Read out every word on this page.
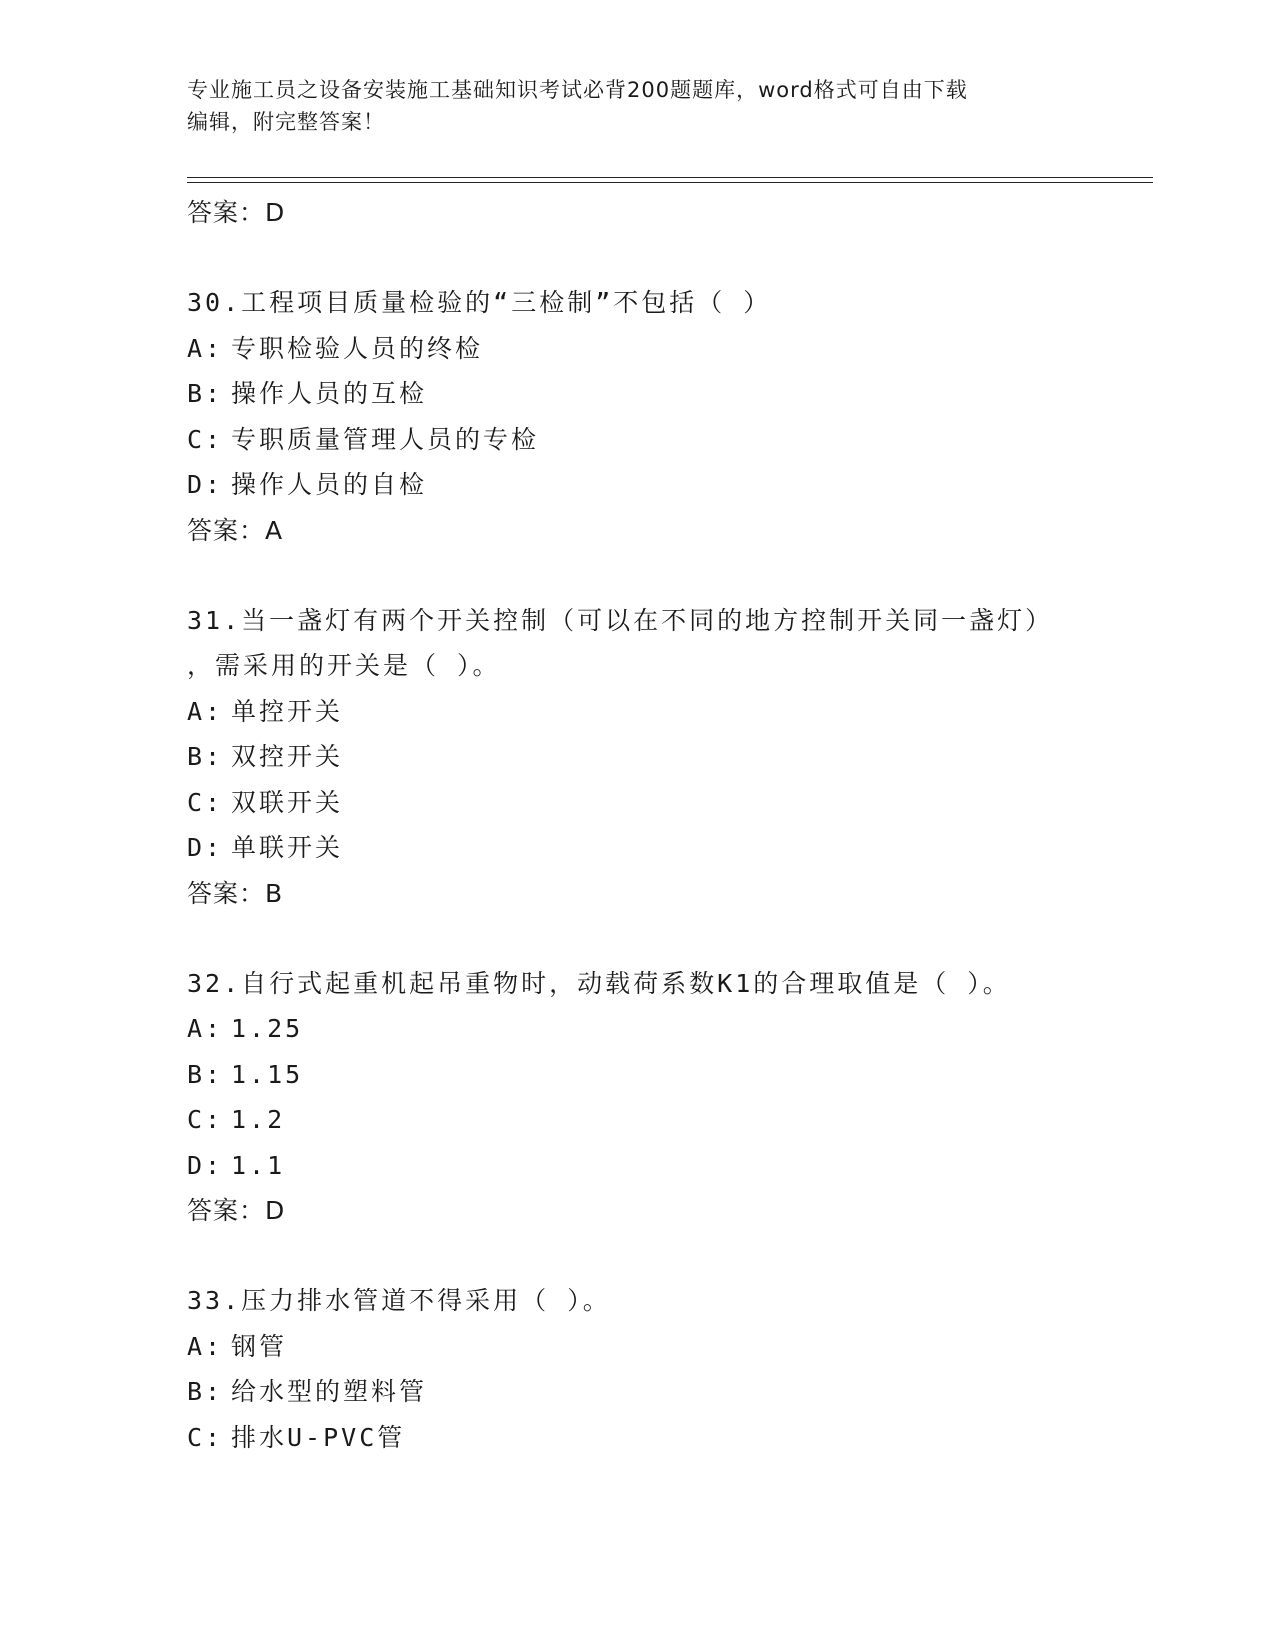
专业施工员之设备安装施工基础知识考试必背200题题库，word格式可自由下载
编辑，附完整答案！
答案：D
30.工程项目质量检验的“三检制”不包括（ ）
A: 专职检验人员的终检
B: 操作人员的互检
C: 专职质量管理人员的专检
D: 操作人员的自检
答案：A
31.当一盏灯有两个开关控制（可以在不同的地方控制开关同一盏灯）
，需采用的开关是（ ）。
A: 单控开关
B: 双控开关
C: 双联开关
D: 单联开关
答案：B
32.自行式起重机起吊重物时，动载荷系数K1的合理取值是（ ）。
A: 1.25
B: 1.15
C: 1.2
D: 1.1
答案：D
33.压力排水管道不得采用（ ）。
A: 钢管
B: 给水型的塑料管
C: 排水U-PVC管
